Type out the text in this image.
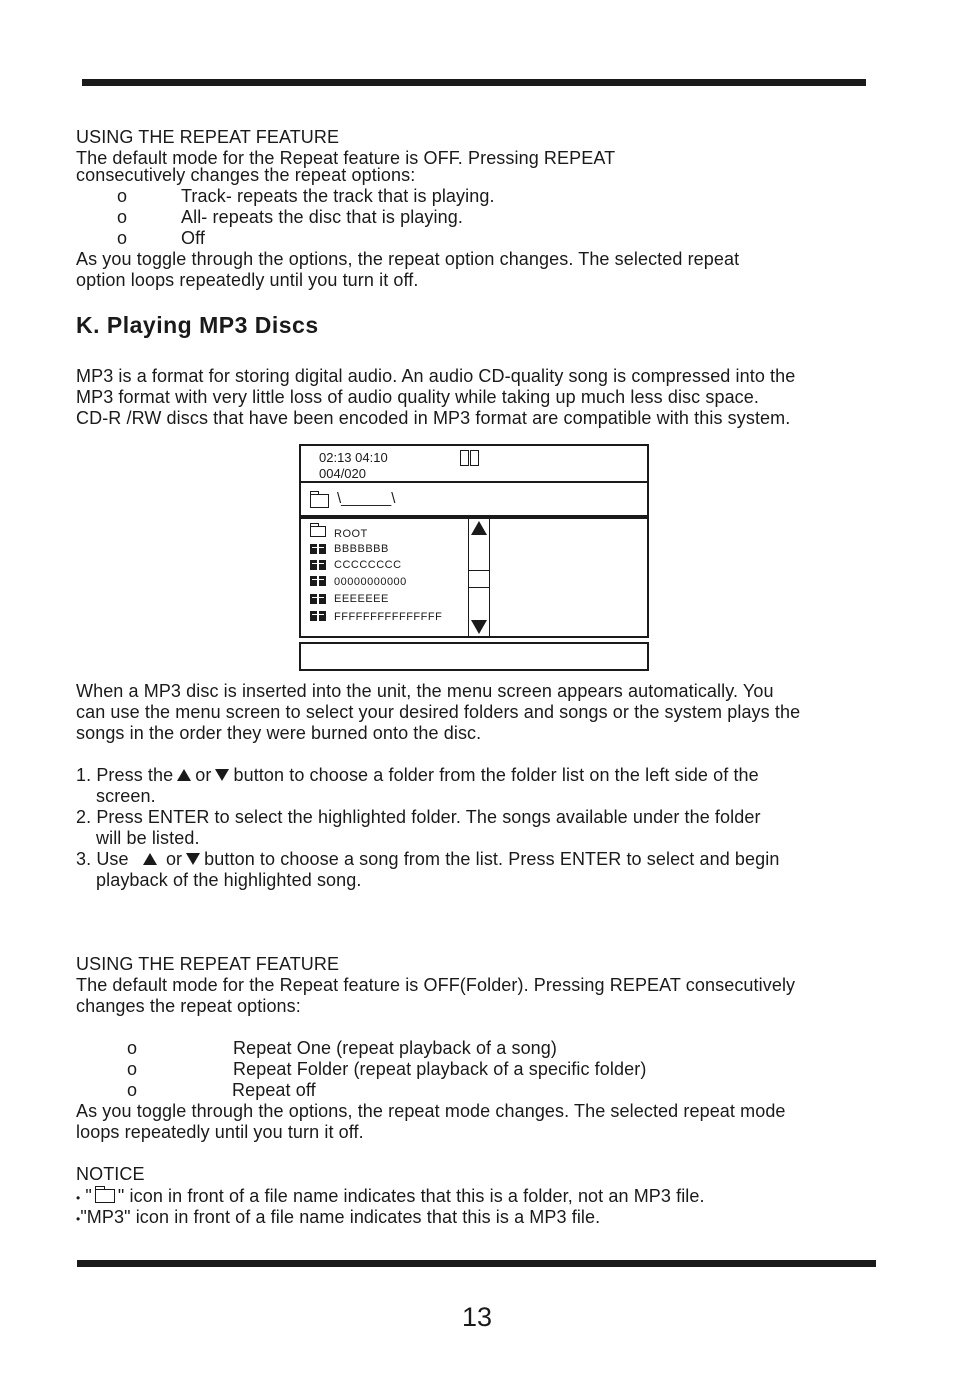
USING THE REPEAT FEATURE
The default mode for the Repeat feature is OFF. Pressing REPEAT
consecutively changes the repeat options:
o	Track- repeats the track that is playing.
o	All- repeats the disc that is playing.
o	Off
As you toggle through the options, the repeat option changes. The selected repeat
option loops repeatedly until you turn it off.
K. Playing MP3 Discs
MP3 is a format for storing digital audio. An audio CD-quality song is compressed into the
MP3 format with very little loss of audio quality while taking up much less disc space.
CD-R /RW discs that have been encoded in MP3 format are compatible with this system.
02:13 04:10
004/020
\______\
ROOT
BBBBBBB
CCCCCCCC
00000000000
EEEEEEE
FFFFFFFFFFFFFFF
When a MP3 disc is inserted into the unit, the menu screen appears automatically. You
can use the menu screen to select your desired folders and songs or the system plays the
songs in the order they were burned onto the disc.
1. Press the or button to choose a folder from the folder list on the left side of the
screen.
2. Press ENTER to select the highlighted folder. The songs available under the folder
will be listed.
3. Use or button to choose a song from the list. Press ENTER to select and begin
playback of the highlighted song.
USING THE REPEAT FEATURE
The default mode for the Repeat feature is OFF(Folder). Pressing REPEAT consecutively
changes the repeat options:
o	Repeat One (repeat playback of a song)
o	Repeat Folder (repeat playback of a specific folder)
o	Repeat off
As you toggle through the options, the repeat mode changes. The selected repeat mode
loops repeatedly until you turn it off.
NOTICE
• " " icon in front of a file name indicates that this is a folder, not an MP3 file.
•"MP3" icon in front of a file name indicates that this is a MP3 file.
13
